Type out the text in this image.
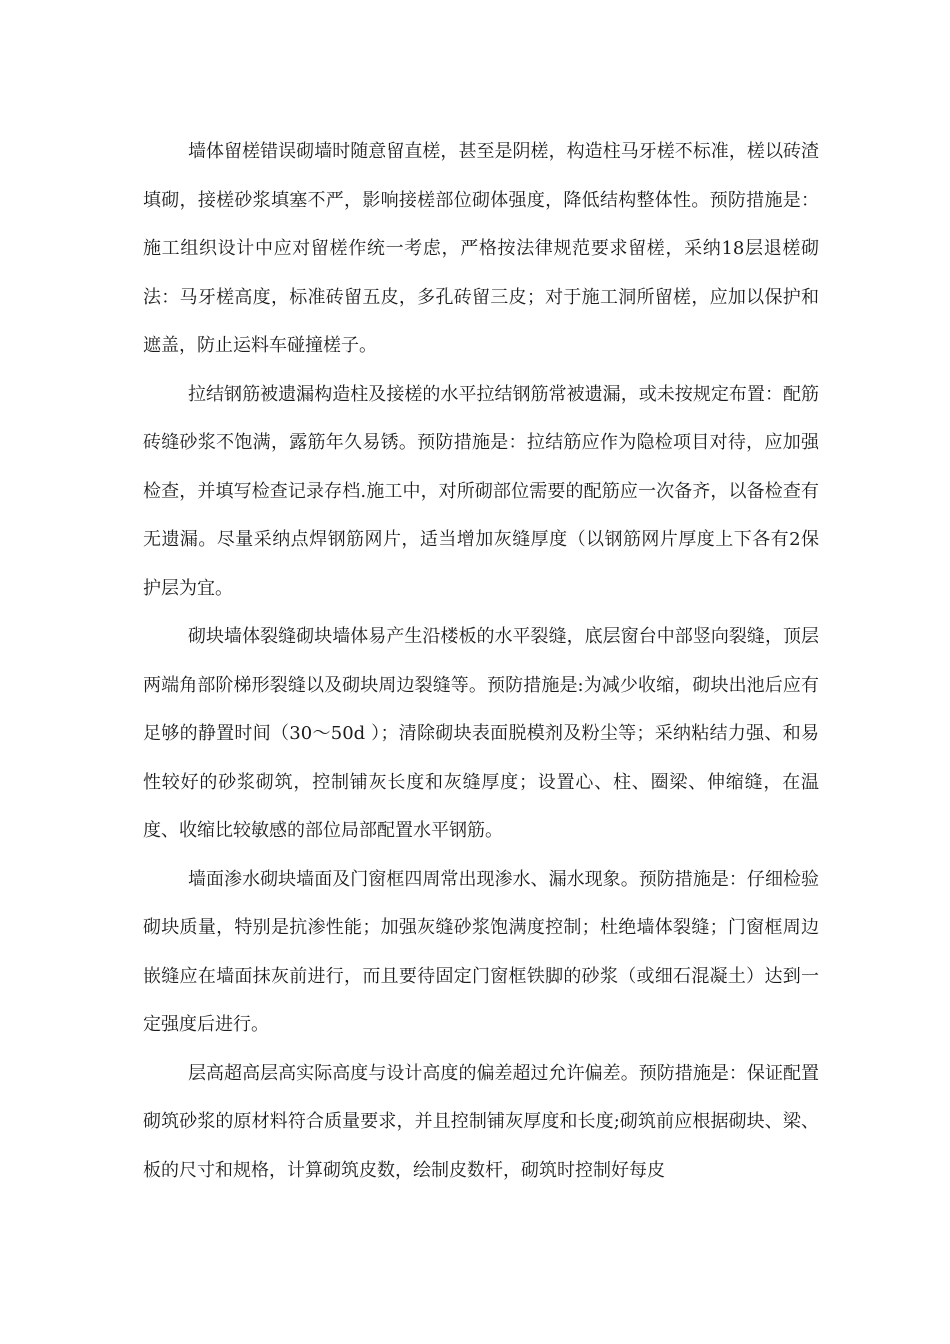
墙体留槎错误砌墙时随意留直槎，甚至是阴槎，构造柱马牙槎不标准，槎以砖渣填砌，接槎砂浆填塞不严，影响接槎部位砌体强度，降低结构整体性。预防措施是：施工组织设计中应对留槎作统一考虑，严格按法律规范要求留槎，采纳18层退槎砌法：马牙槎高度，标准砖留五皮，多孔砖留三皮；对于施工洞所留槎，应加以保护和遮盖，防止运料车碰撞槎子。

拉结钢筋被遗漏构造柱及接槎的水平拉结钢筋常被遗漏，或未按规定布置：配筋砖缝砂浆不饱满，露筋年久易锈。预防措施是：拉结筋应作为隐检项目对待，应加强检查，并填写检查记录存档.施工中，对所砌部位需要的配筋应一次备齐，以备检查有无遗漏。尽量采纳点焊钢筋网片，适当增加灰缝厚度（以钢筋网片厚度上下各有2保护层为宜。

砌块墙体裂缝砌块墙体易产生沿楼板的水平裂缝，底层窗台中部竖向裂缝，顶层两端角部阶梯形裂缝以及砌块周边裂缝等。预防措施是:为减少收缩，砌块出池后应有足够的静置时间（30〜50d ）；清除砌块表面脱模剂及粉尘等；采纳粘结力强、和易性较好的砂浆砌筑，控制铺灰长度和灰缝厚度；设置心、柱、圈梁、伸缩缝，在温度、收缩比较敏感的部位局部配置水平钢筋。

墙面渗水砌块墙面及门窗框四周常出现渗水、漏水现象。预防措施是：仔细检验砌块质量，特别是抗渗性能；加强灰缝砂浆饱满度控制；杜绝墙体裂缝；门窗框周边嵌缝应在墙面抹灰前进行，而且要待固定门窗框铁脚的砂浆（或细石混凝土）达到一定强度后进行。

层高超高层高实际高度与设计高度的偏差超过允许偏差。预防措施是：保证配置砌筑砂浆的原材料符合质量要求，并且控制铺灰厚度和长度;砌筑前应根据砌块、梁、板的尺寸和规格，计算砌筑皮数，绘制皮数杆，砌筑时控制好每皮
